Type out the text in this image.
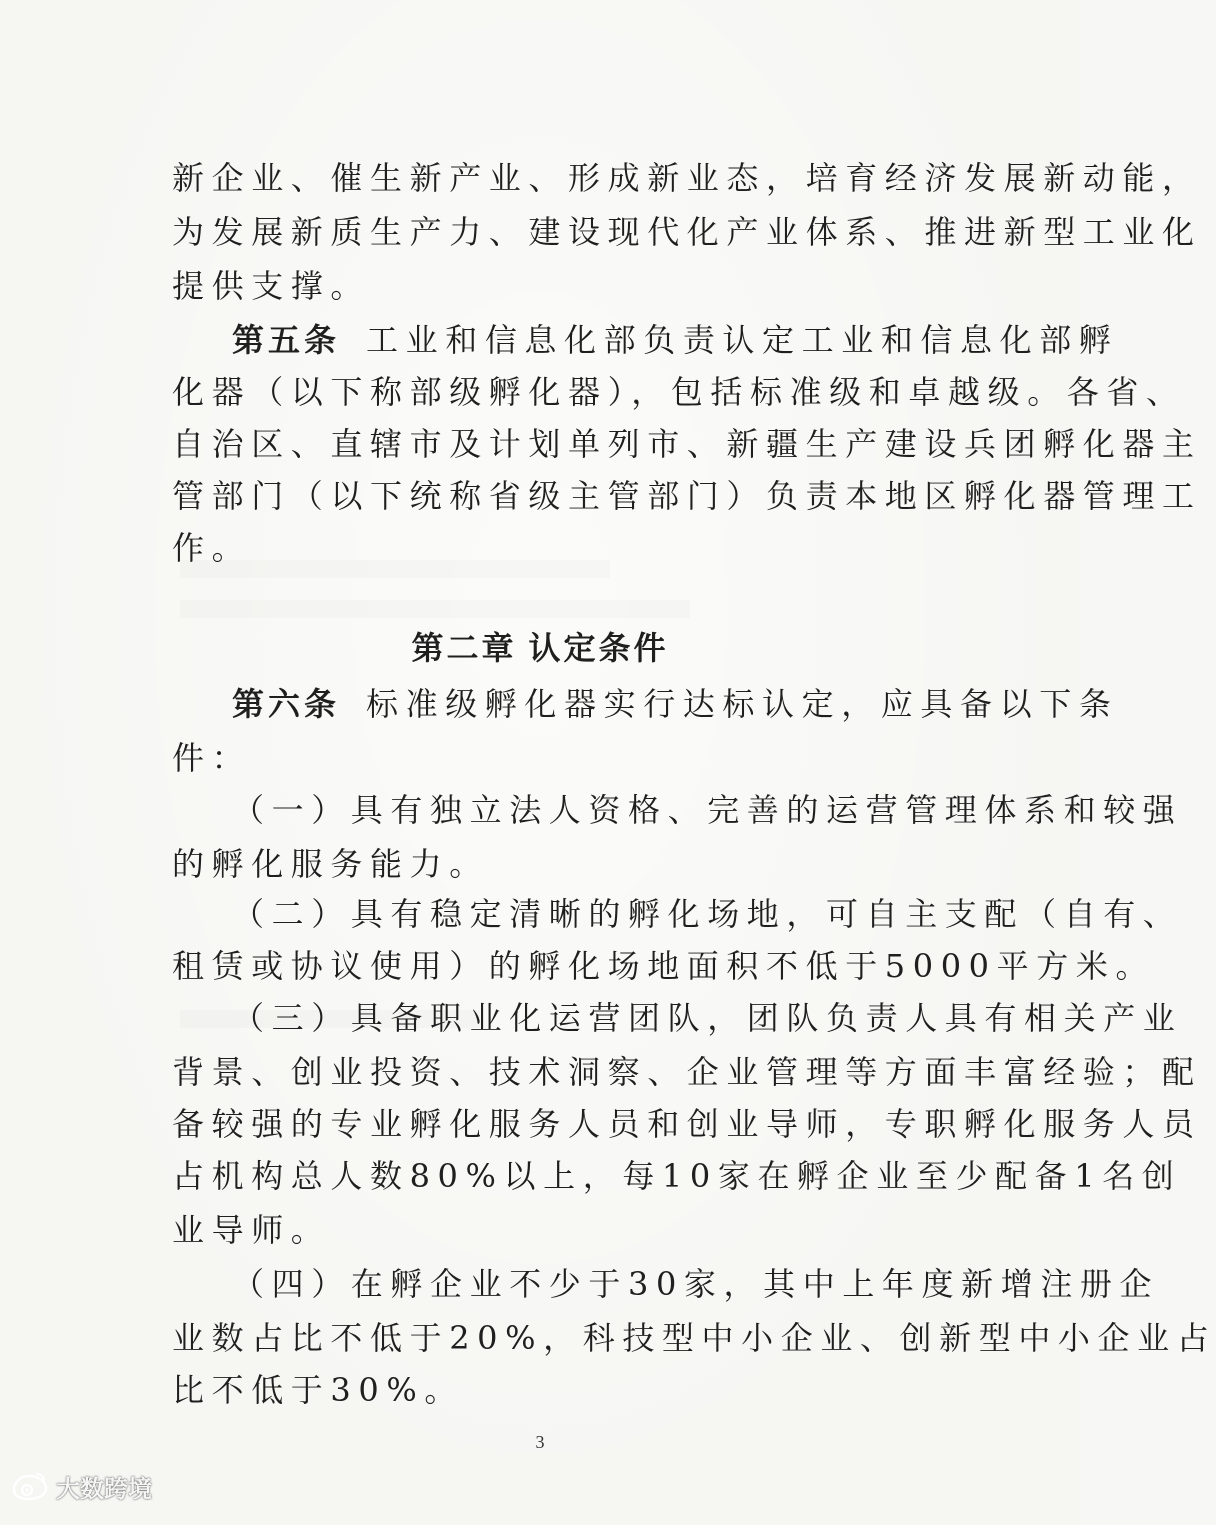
新企业、催生新产业、形成新业态，培育经济发展新动能，
为发展新质生产力、建设现代化产业体系、推进新型工业化
提供支撑。
第五条 工业和信息化部负责认定工业和信息化部孵
化器（以下称部级孵化器），包括标准级和卓越级。各省、
自治区、直辖市及计划单列市、新疆生产建设兵团孵化器主
管部门（以下统称省级主管部门）负责本地区孵化器管理工
作。
第二章 认定条件
第六条 标准级孵化器实行达标认定，应具备以下条
件：
（一）具有独立法人资格、完善的运营管理体系和较强
的孵化服务能力。
（二）具有稳定清晰的孵化场地，可自主支配（自有、
租赁或协议使用）的孵化场地面积不低于5000平方米。
（三）具备职业化运营团队，团队负责人具有相关产业
背景、创业投资、技术洞察、企业管理等方面丰富经验；配
备较强的专业孵化服务人员和创业导师，专职孵化服务人员
占机构总人数80%以上，每10家在孵企业至少配备1名创
业导师。
（四）在孵企业不少于30家，其中上年度新增注册企
业数占比不低于20%，科技型中小企业、创新型中小企业占
比不低于30%。
3
大数跨境
